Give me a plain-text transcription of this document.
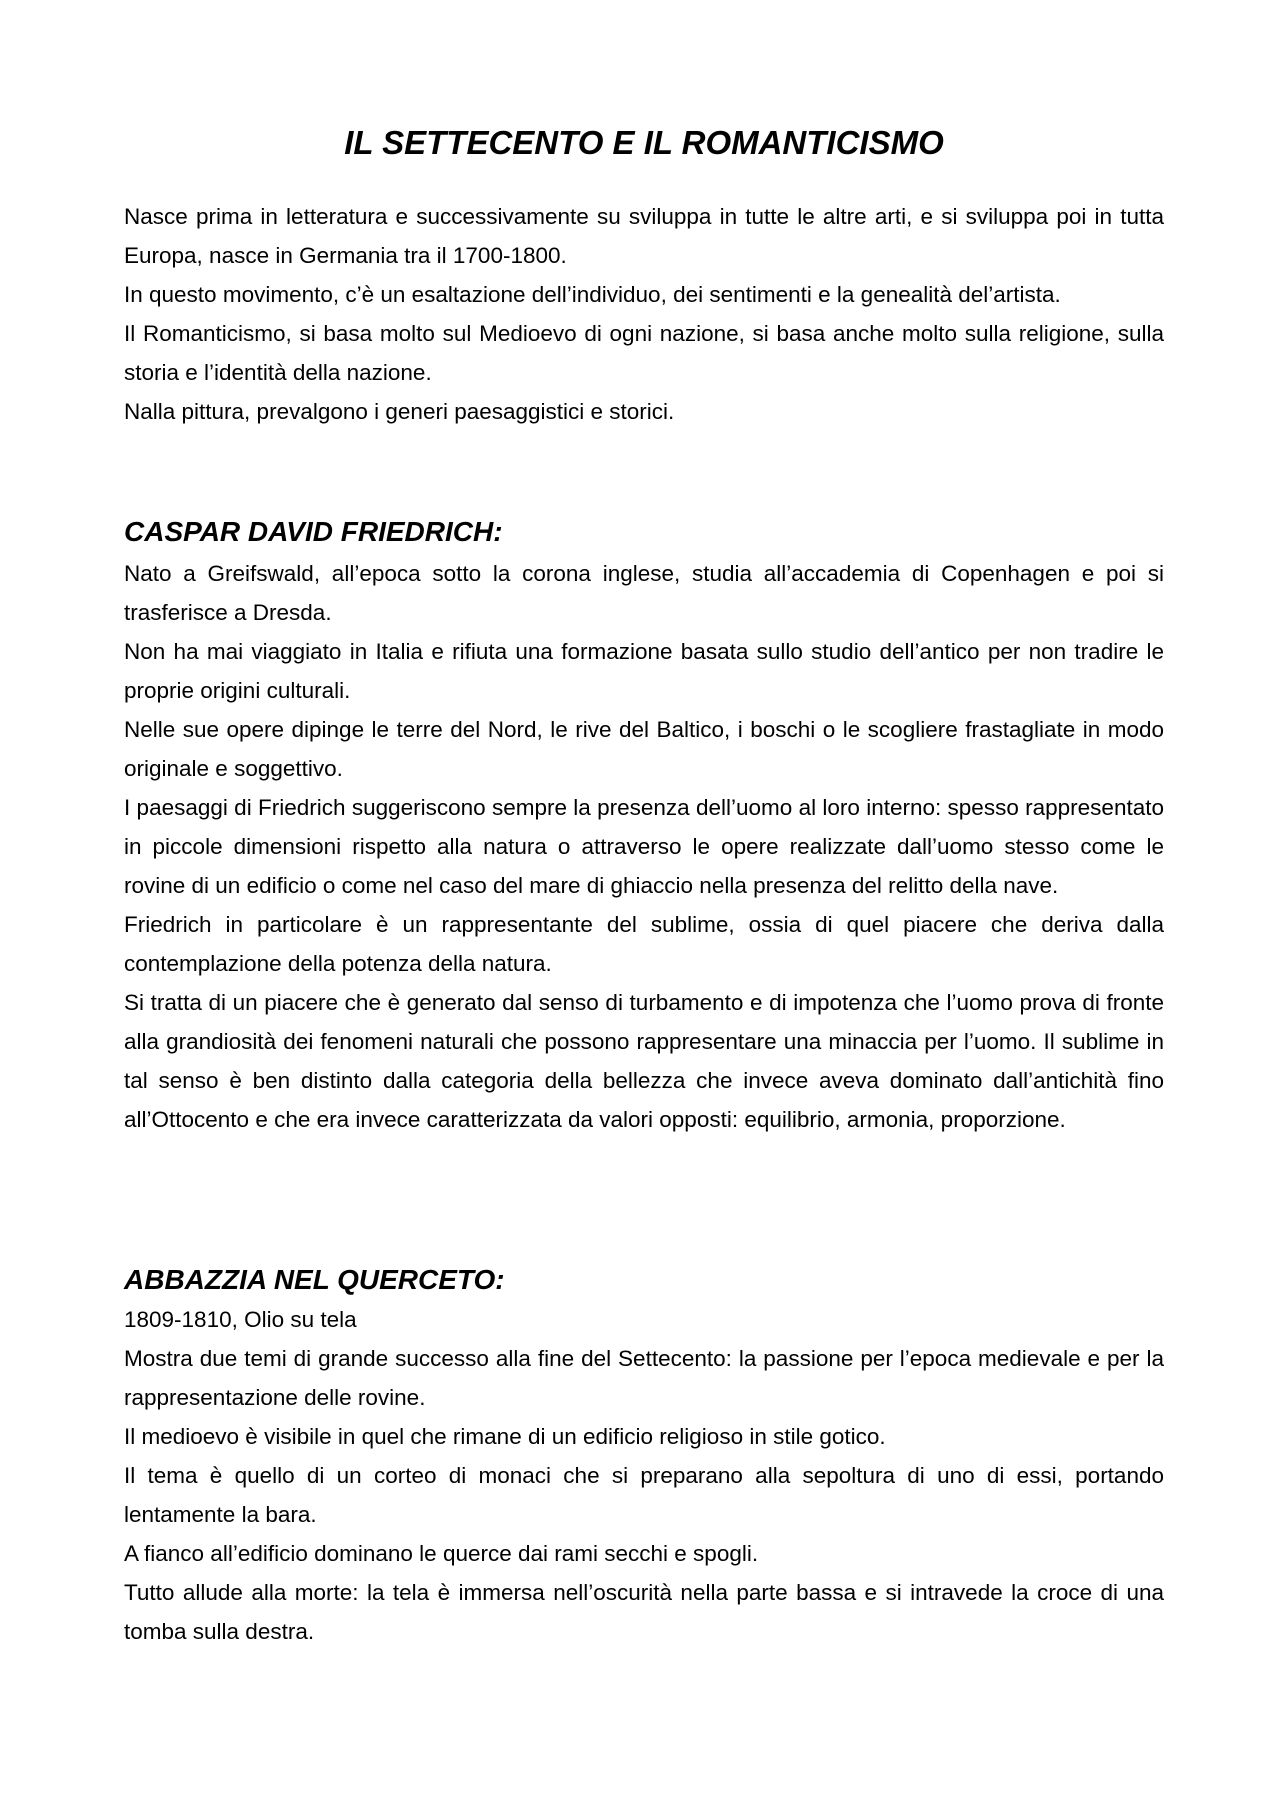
IL SETTECENTO E IL ROMANTICISMO

Nasce prima in letteratura e successivamente su sviluppa in tutte le altre arti, e si sviluppa poi in tutta Europa, nasce in Germania tra il 1700-1800.

In questo movimento, c’è un esaltazione dell’individuo, dei sentimenti e la genealità del’artista.

Il Romanticismo, si basa molto sul Medioevo di ogni nazione, si basa anche molto sulla religione, sulla storia e l’identità della nazione.

Nalla pittura, prevalgono i generi paesaggistici e storici.

CASPAR DAVID FRIEDRICH:

Nato a Greifswald, all’epoca sotto la corona inglese, studia all’accademia di Copenhagen e poi si trasferisce a Dresda.

Non ha mai viaggiato in Italia e rifiuta una formazione basata sullo studio dell’antico per non tradire le proprie origini culturali.

Nelle sue opere dipinge le terre del Nord, le rive del Baltico, i boschi o le scogliere frastagliate in modo originale e soggettivo.

I paesaggi di Friedrich suggeriscono sempre la presenza dell’uomo al loro interno: spesso rappresentato in piccole dimensioni rispetto alla natura o attraverso le opere realizzate dall’uomo stesso come le rovine di un edificio o come nel caso del mare di ghiaccio nella presenza del relitto della nave.

Friedrich in particolare è un rappresentante del sublime, ossia di quel piacere che deriva dalla contemplazione della potenza della natura.

Si tratta di un piacere che è generato dal senso di turbamento e di impotenza che l’uomo prova di fronte alla grandiosità dei fenomeni naturali che possono rappresentare una minaccia per l’uomo. Il sublime in tal senso è ben distinto dalla categoria della bellezza che invece aveva dominato dall’antichità fino all’Ottocento e che era invece caratterizzata da valori opposti: equilibrio, armonia, proporzione.

ABBAZZIA NEL QUERCETO:

1809-1810, Olio su tela

Mostra due temi di grande successo alla fine del Settecento: la passione per l’epoca medievale e per la rappresentazione delle rovine.

Il medioevo è visibile in quel che rimane di un edificio religioso in stile gotico.

Il tema è quello di un corteo di monaci che si preparano alla sepoltura di uno di essi, portando lentamente la bara.

A fianco all’edificio dominano le querce dai rami secchi e spogli.

Tutto allude alla morte: la tela è immersa nell’oscurità nella parte bassa e si intravede la croce di una tomba sulla destra.
